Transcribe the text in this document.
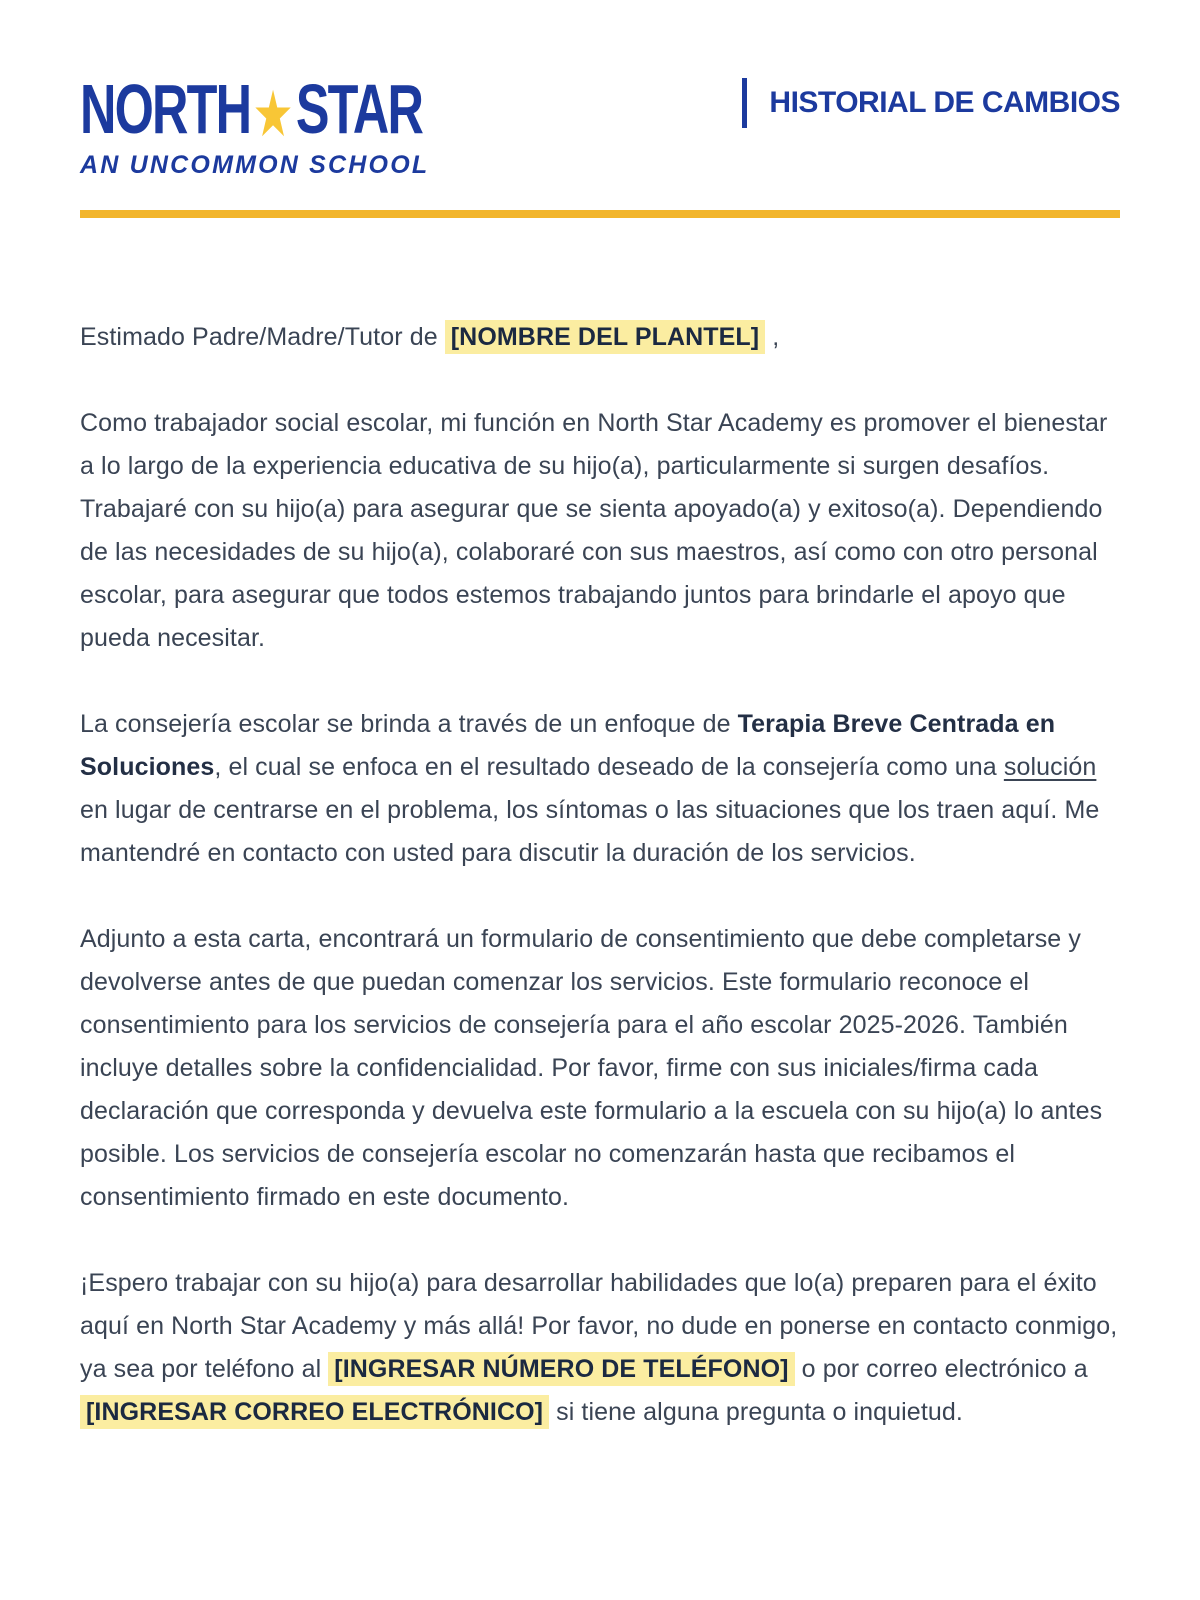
NORTH★STAR
AN UNCOMMON SCHOOL
HISTORIAL DE CAMBIOS

Estimado Padre/Madre/Tutor de [NOMBRE DEL PLANTEL] ,

Como trabajador social escolar, mi función en North Star Academy es promover el bienestar a lo largo de la experiencia educativa de su hijo(a), particularmente si surgen desafíos. Trabajaré con su hijo(a) para asegurar que se sienta apoyado(a) y exitoso(a). Dependiendo de las necesidades de su hijo(a), colaboraré con sus maestros, así como con otro personal escolar, para asegurar que todos estemos trabajando juntos para brindarle el apoyo que pueda necesitar.

La consejería escolar se brinda a través de un enfoque de Terapia Breve Centrada en Soluciones, el cual se enfoca en el resultado deseado de la consejería como una solución en lugar de centrarse en el problema, los síntomas o las situaciones que los traen aquí. Me mantendré en contacto con usted para discutir la duración de los servicios.

Adjunto a esta carta, encontrará un formulario de consentimiento que debe completarse y devolverse antes de que puedan comenzar los servicios. Este formulario reconoce el consentimiento para los servicios de consejería para el año escolar 2025-2026. También incluye detalles sobre la confidencialidad. Por favor, firme con sus iniciales/firma cada declaración que corresponda y devuelva este formulario a la escuela con su hijo(a) lo antes posible. Los servicios de consejería escolar no comenzarán hasta que recibamos el consentimiento firmado en este documento.

¡Espero trabajar con su hijo(a) para desarrollar habilidades que lo(a) preparen para el éxito aquí en North Star Academy y más allá! Por favor, no dude en ponerse en contacto conmigo, ya sea por teléfono al [INGRESAR NÚMERO DE TELÉFONO] o por correo electrónico a [INGRESAR CORREO ELECTRÓNICO] si tiene alguna pregunta o inquietud.
